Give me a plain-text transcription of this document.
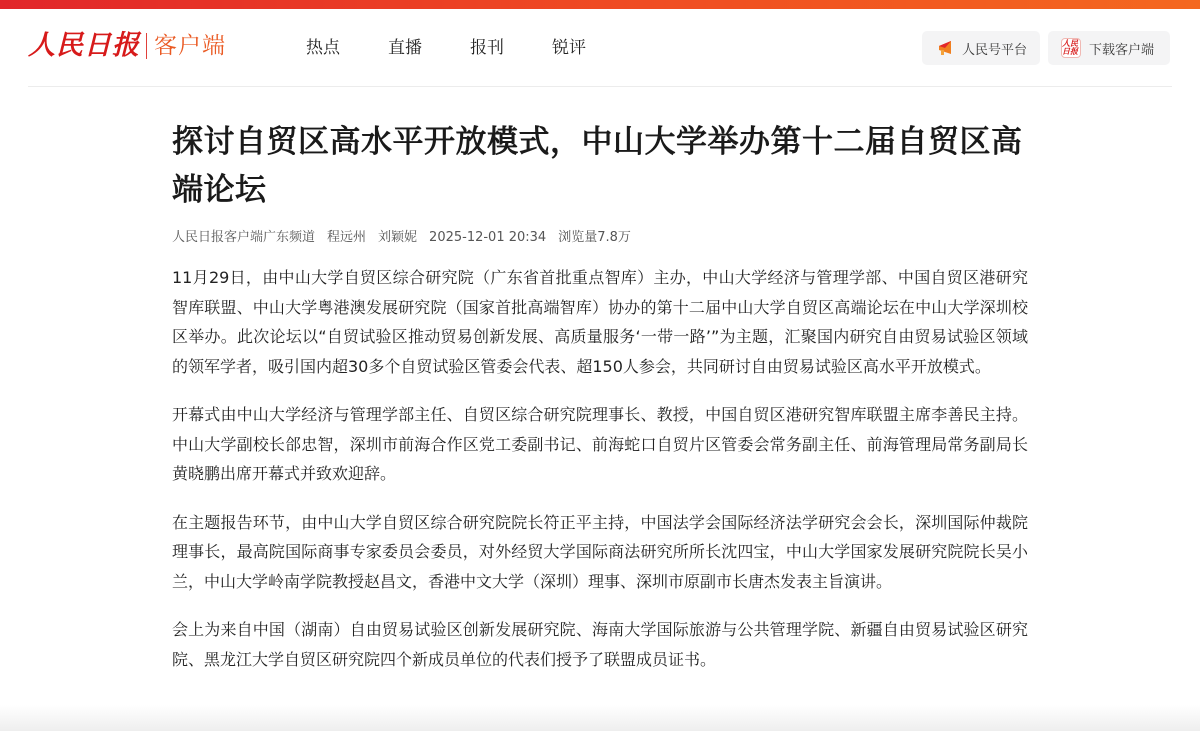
人民日报 客户端	热点	直播	报刊	锐评	人民号平台	人民日报 下载客户端
探讨自贸区高水平开放模式，中山大学举办第十二届自贸区高端论坛
人民日报客户端广东频道 程远州 刘颖妮 2025-12-01 20:34 浏览量7.8万

11月29日，由中山大学自贸区综合研究院（广东省首批重点智库）主办，中山大学经济与管理学部、中国自贸区港研究智库联盟、中山大学粤港澳发展研究院（国家首批高端智库）协办的第十二届中山大学自贸区高端论坛在中山大学深圳校区举办。此次论坛以“自贸试验区推动贸易创新发展、高质量服务‘一带一路’”为主题，汇聚国内研究自由贸易试验区领域的领军学者，吸引国内超30多个自贸试验区管委会代表、超150人参会，共同研讨自由贸易试验区高水平开放模式。

开幕式由中山大学经济与管理学部主任、自贸区综合研究院理事长、教授，中国自贸区港研究智库联盟主席李善民主持。中山大学副校长郃忠智，深圳市前海合作区党工委副书记、前海蛇口自贸片区管委会常务副主任、前海管理局常务副局长黄晓鹏出席开幕式并致欢迎辞。

在主题报告环节，由中山大学自贸区综合研究院院长符正平主持，中国法学会国际经济法学研究会会长，深圳国际仲裁院理事长，最高院国际商事专家委员会委员，对外经贸大学国际商法研究所所长沈四宝，中山大学国家发展研究院院长吴小兰，中山大学岭南学院教授赵昌文，香港中文大学（深圳）理事、深圳市原副市长唐杰发表主旨演讲。

会上为来自中国（湖南）自由贸易试验区创新发展研究院、海南大学国际旅游与公共管理学院、新疆自由贸易试验区研究院、黑龙江大学自贸区研究院四个新成员单位的代表们授予了联盟成员证书。
